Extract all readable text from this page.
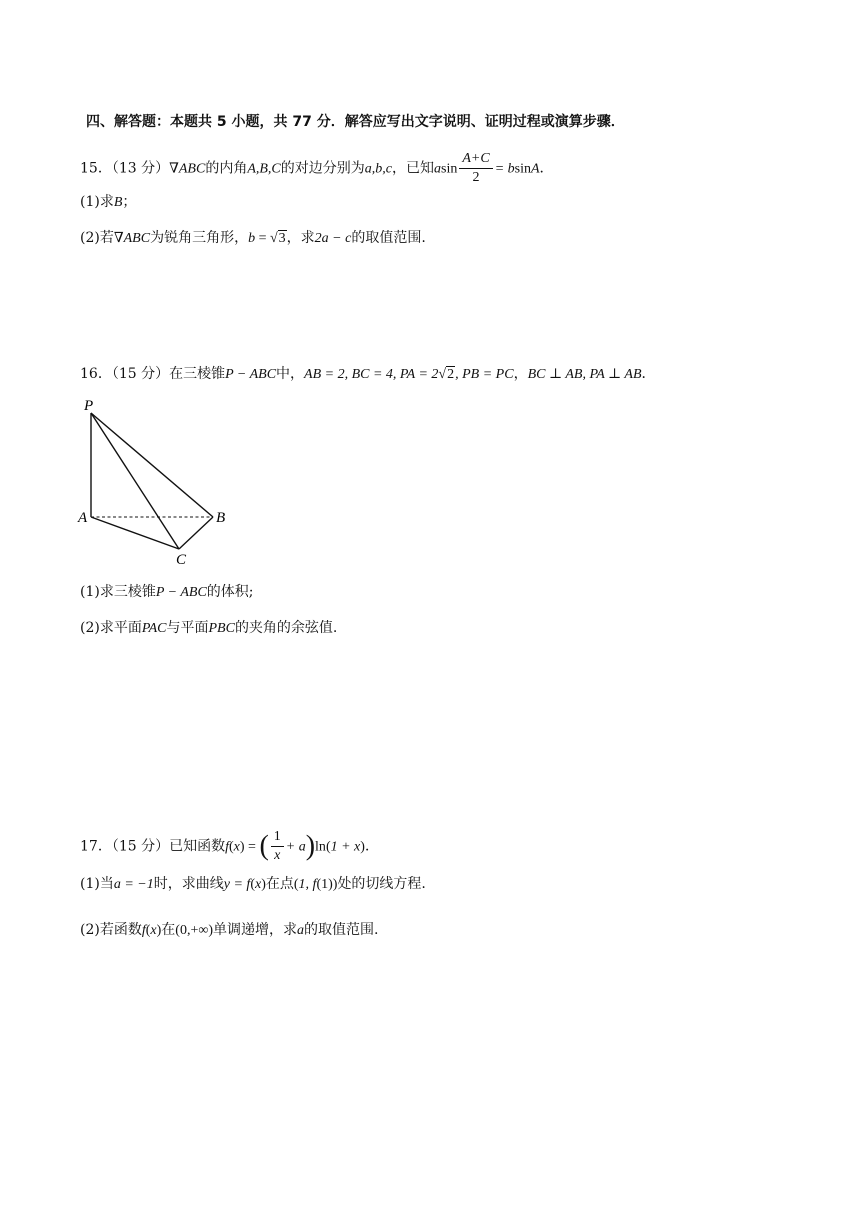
四、解答题：本题共 5 小题，共 77 分．解答应写出文字说明、证明过程或演算步骤．
15．（13 分）∇ABC的内角A,B,C的对边分别为a,b,c，已知asin $\frac{A+C}{2} = bsinA$．
(1)求B；
(2)若∇ABC为锐角三角形，b = √3，求2a − c的取值范围.
16．（15 分）在三棱锥P − ABC中，AB = 2, BC = 4, PA = 2√2, PB = PC，BC ⊥ AB, PA ⊥ AB．
P
A	B
C
(1)求三棱锥P − ABC的体积;
(2)求平面PAC与平面PBC的夹角的余弦值.
17．（15 分）已知函数f(x) = ( $\frac{1}{x} + a)\ln(1 + x)$．
(1)当a = −1时，求曲线y = f(x)在点(1, f(1))处的切线方程.
(2)若函数f(x)在(0,+∞)单调递增，求a的取值范围.
